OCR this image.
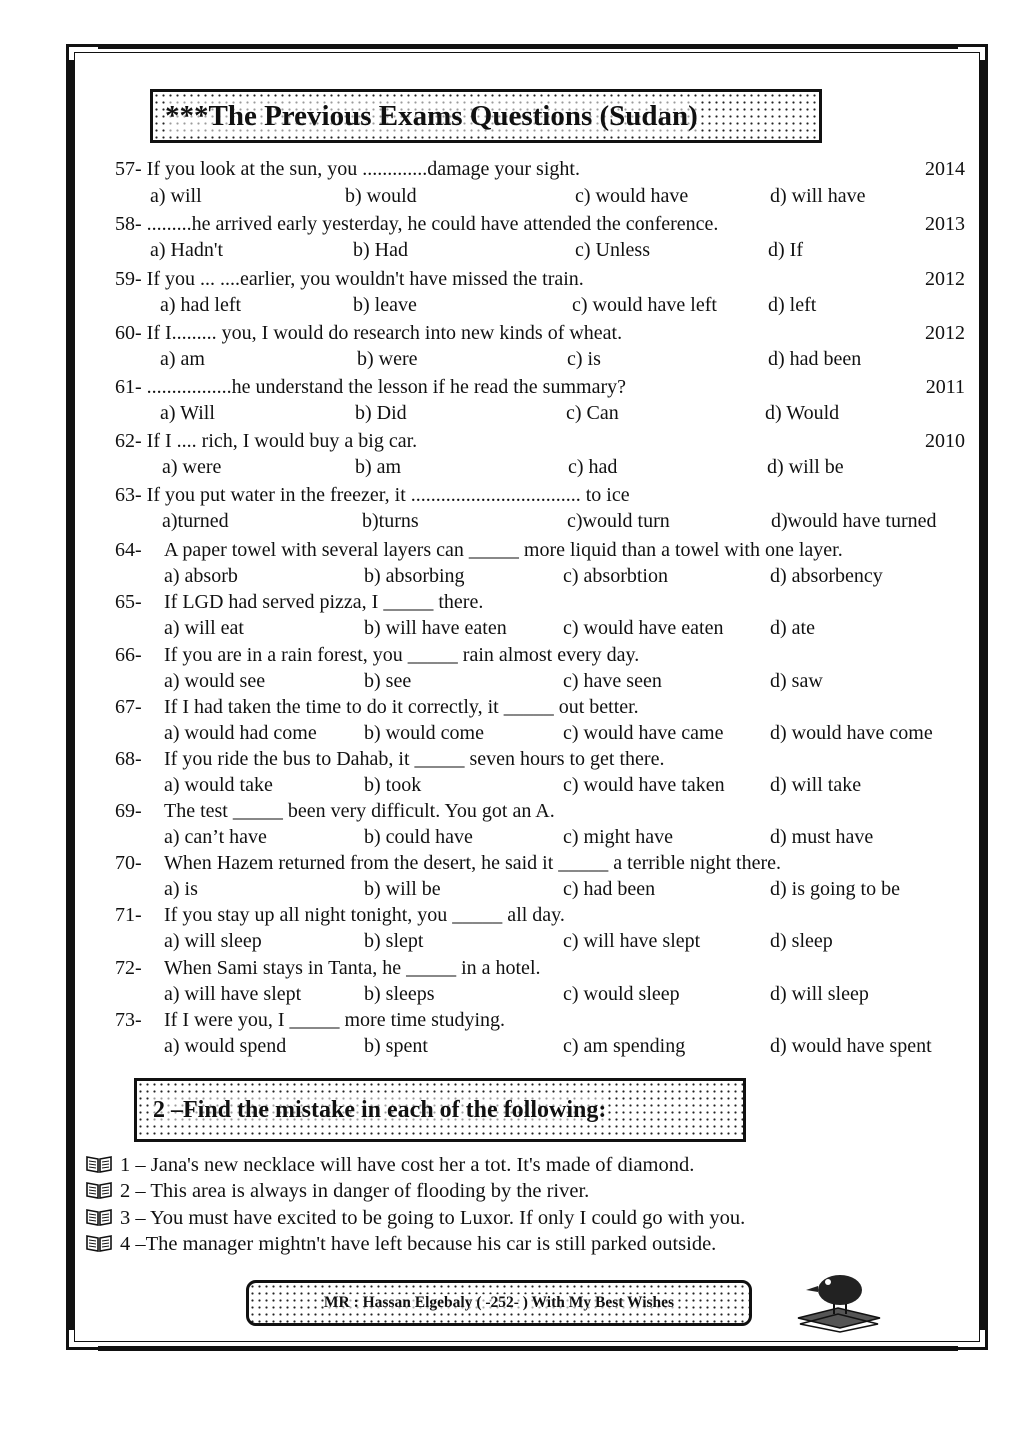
***The Previous Exams Questions (Sudan)
57- If you look at the sun, you .............damage your sight.	2014
a) will	b) would	c) would have	d) will have
58- .........he arrived early yesterday, he could have attended the conference.	2013
a) Hadn't	b) Had	c) Unless	d) If
59- If you ... ....earlier, you wouldn't have missed the train.	2012
a) had left	b) leave	c) would have left	d) left
60- If I......... you, I would do research into new kinds of wheat.	2012
a) am	b) were	c) is	d) had been
61- .................he understand the lesson if he read the summary?	2011
a) Will	b) Did	c) Can	d) Would
62- If I .... rich, I would buy a big car.	2010
a) were	b) am	c) had	d) will be
63- If you put water in the freezer, it .................................. to ice
a)turned	b)turns	c)would turn	d)would have turned
64- A paper towel with several layers can _____ more liquid than a towel with one layer.
a) absorb	b) absorbing	c) absorbtion	d) absorbency
65- If LGD had served pizza, I _____ there.
a) will eat	b) will have eaten	c) would have eaten d) ate
66- If you are in a rain forest, you _____ rain almost every day.
a) would see	b) see	c) have seen	d) saw
67- If I had taken the time to do it correctly, it _____ out better.
a) would had come b) would come	c) would have came d) would have come
68- If you ride the bus to Dahab, it _____ seven hours to get there.
a) would take	b) took	c) would have taken d) will take
69- The test _____ been very difficult. You got an A.
a) can’t have	b) could have	c) might have	d) must have
70- When Hazem returned from the desert, he said it _____ a terrible night there.
a) is	b) will be	c) had been	d) is going to be
71- If you stay up all night tonight, you _____ all day.
a) will sleep	b) slept	c) will have slept	d) sleep
72- When Sami stays in Tanta, he _____ in a hotel.
a) will have slept	b) sleeps	c) would sleep	d) will sleep
73- If I were you, I _____ more time studying.
a) would spend	b) spent	c) am spending	d) would have spent
2 –Find the mistake in each of the following:
1 – Jana's new necklace will have cost her a tot. It's made of diamond.
2 – This area is always in danger of flooding by the river.
3 – You must have excited to be going to Luxor. If only I could go with you.
4 –The manager mightn't have left because his car is still parked outside.
MR : Hassan Elgebaly ( -252- ) With My Best Wishes
